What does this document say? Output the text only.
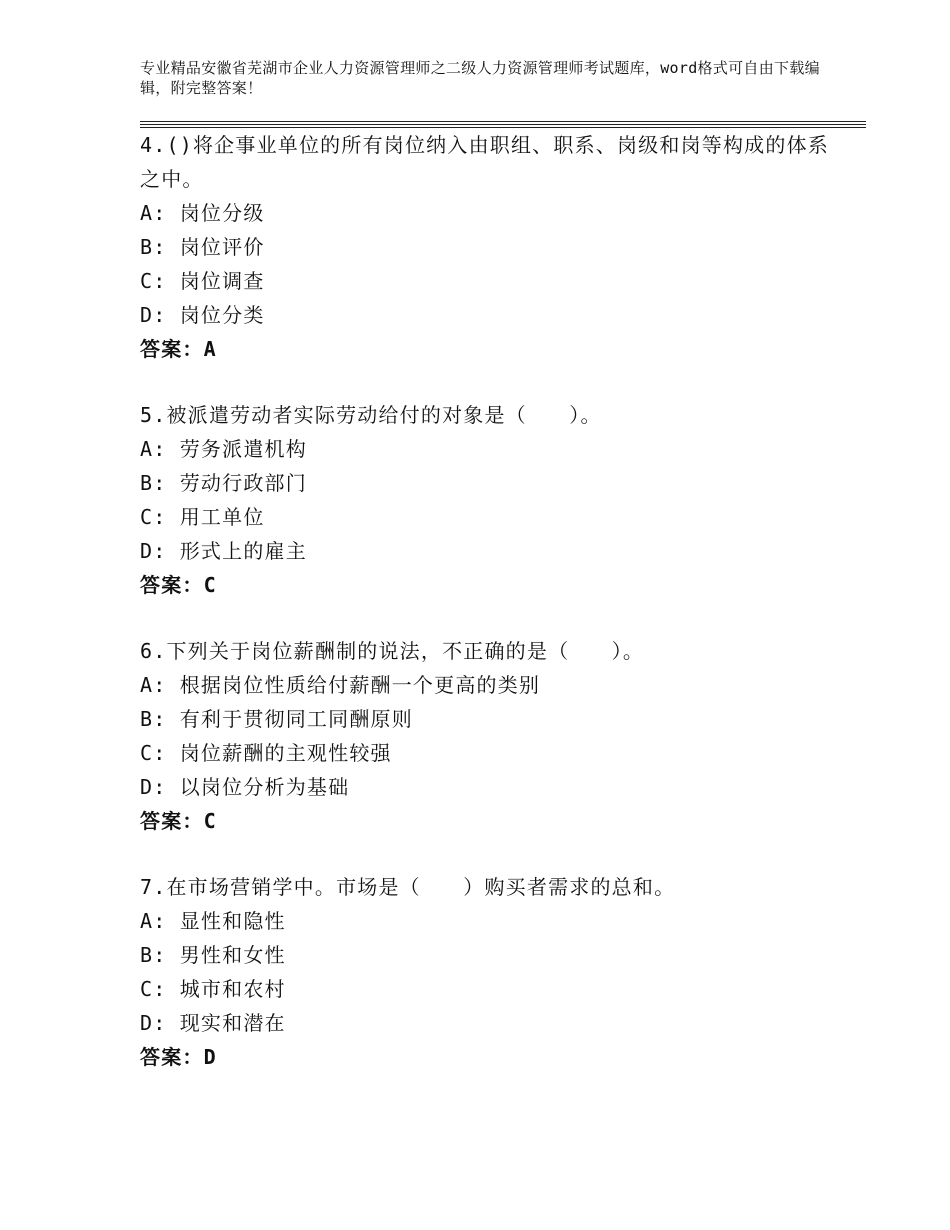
专业精品安徽省芜湖市企业人力资源管理师之二级人力资源管理师考试题库，word格式可自由下载编辑，附完整答案！
4.()将企事业单位的所有岗位纳入由职组、职系、岗级和岗等构成的体系之中。
A: 岗位分级
B: 岗位评价
C: 岗位调查
D: 岗位分类
答案：A
5.被派遣劳动者实际劳动给付的对象是（　　）。
A: 劳务派遣机构
B: 劳动行政部门
C: 用工单位
D: 形式上的雇主
答案：C
6.下列关于岗位薪酬制的说法，不正确的是（　　）。
A: 根据岗位性质给付薪酬一个更高的类别
B: 有利于贯彻同工同酬原则
C: 岗位薪酬的主观性较强
D: 以岗位分析为基础
答案：C
7.在市场营销学中。市场是（　　）购买者需求的总和。
A: 显性和隐性
B: 男性和女性
C: 城市和农村
D: 现实和潜在
答案：D
